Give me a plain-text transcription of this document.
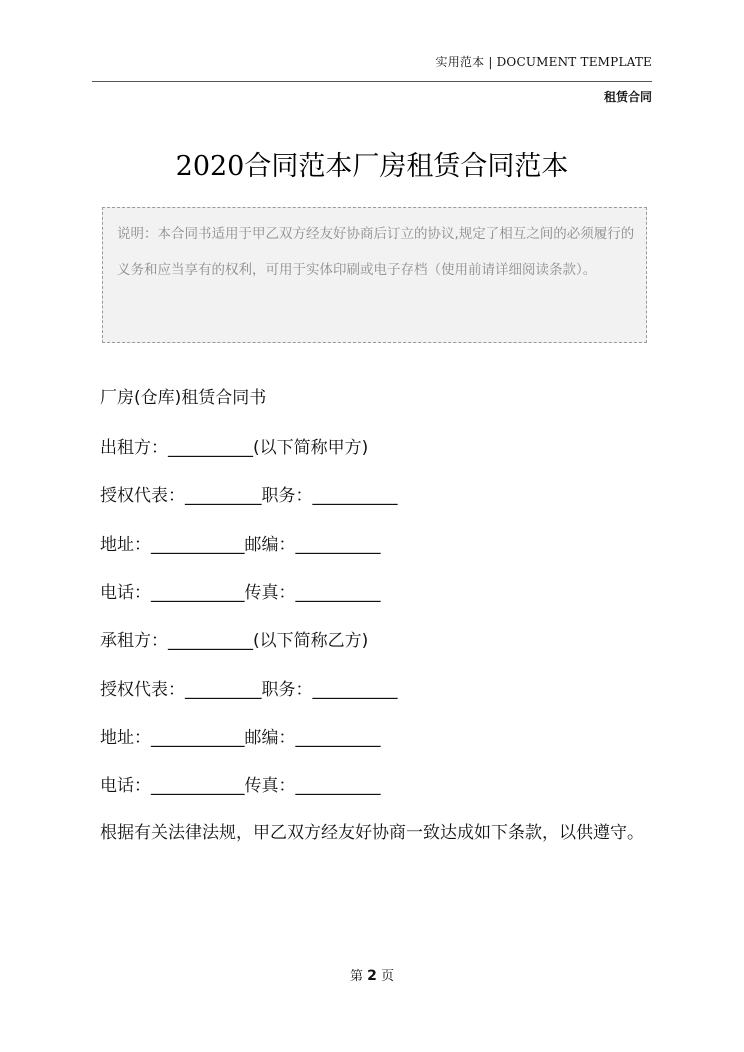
实用范本 | DOCUMENT TEMPLATE
租赁合同
2020合同范本厂房租赁合同范本
说明：本合同书适用于甲乙双方经友好协商后订立的协议,规定了相互之间的必须履行的义务和应当享有的权利，可用于实体印刷或电子存档（使用前请详细阅读条款）。
厂房(仓库)租赁合同书
出租方：__________(以下简称甲方)
授权代表：_________职务：__________
地址：___________邮编：__________
电话：___________传真：__________
承租方：__________(以下简称乙方)
授权代表：_________职务：__________
地址：___________邮编：__________
电话：___________传真：__________
根据有关法律法规，甲乙双方经友好协商一致达成如下条款，以供遵守。
第 2 页
